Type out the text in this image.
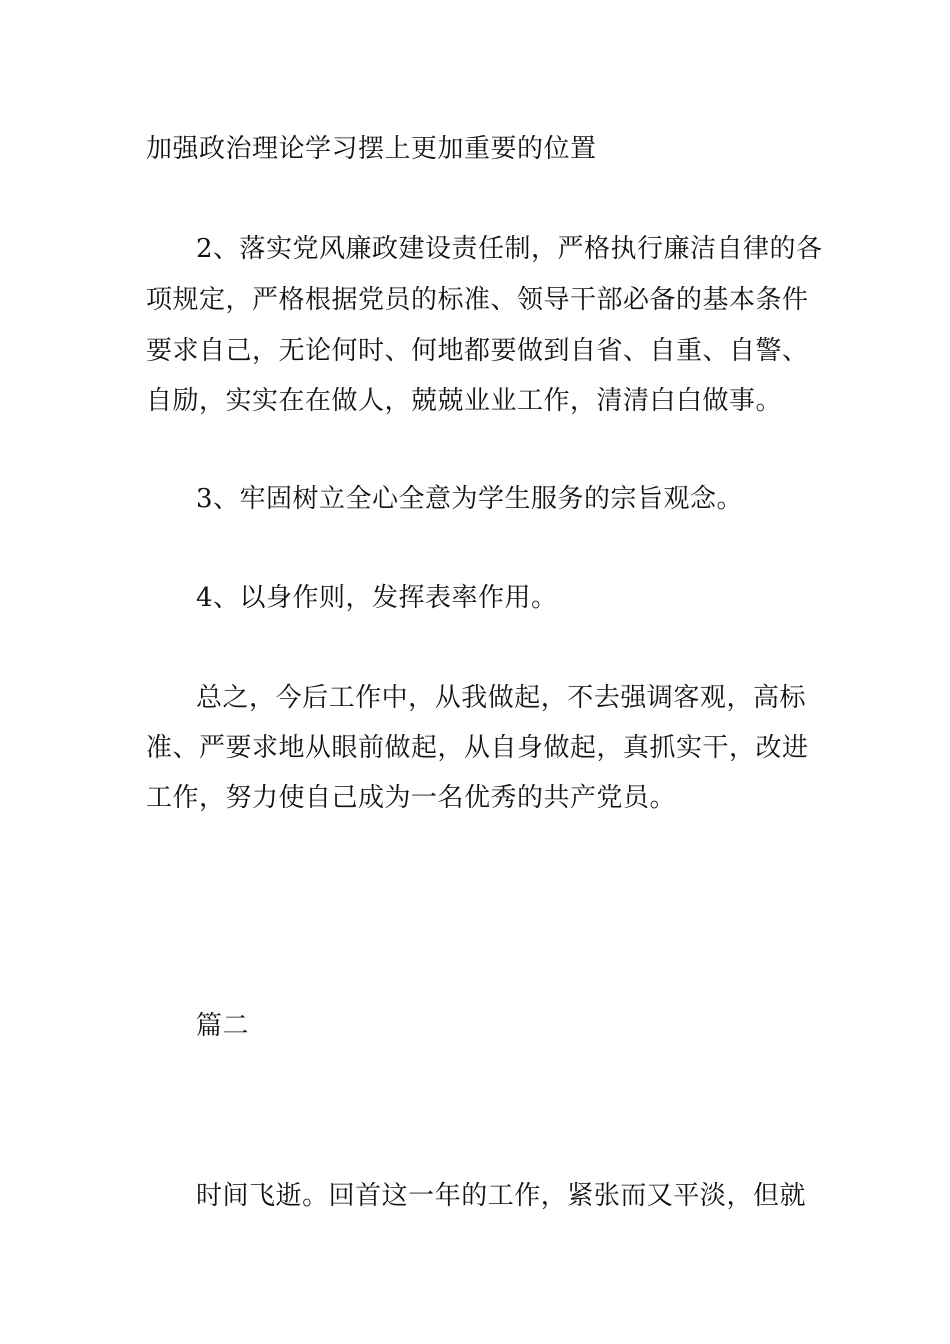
加强政治理论学习摆上更加重要的位置
2、落实党风廉政建设责任制，严格执行廉洁自律的各
项规定，严格根据党员的标准、领导干部必备的基本条件
要求自己，无论何时、何地都要做到自省、自重、自警、
自励，实实在在做人，兢兢业业工作，清清白白做事。
3、牢固树立全心全意为学生服务的宗旨观念。
4、以身作则，发挥表率作用。
总之，今后工作中，从我做起，不去强调客观，高标
准、严要求地从眼前做起，从自身做起，真抓实干，改进
工作，努力使自己成为一名优秀的共产党员。
篇二
时间飞逝。回首这一年的工作，紧张而又平淡，但就
